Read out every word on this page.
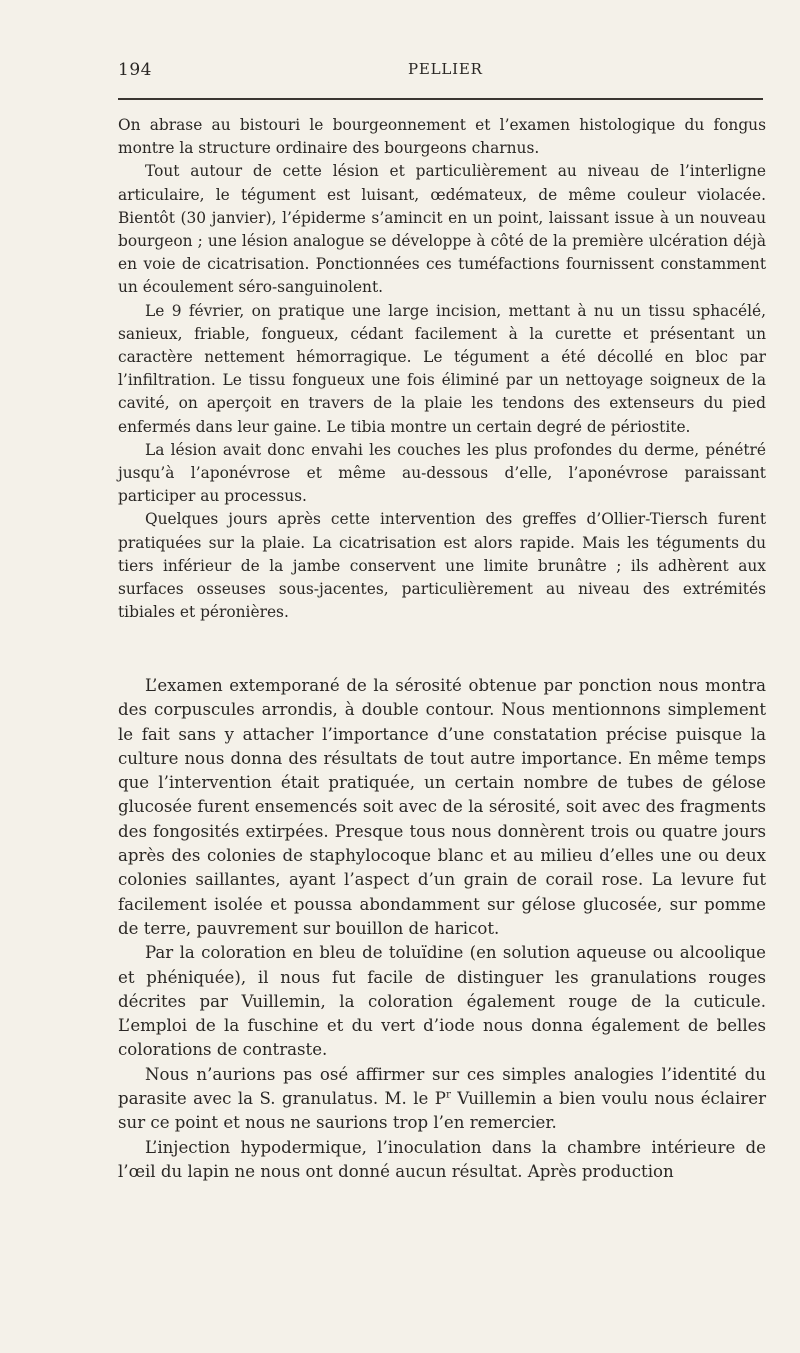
194	PELLIER

On abrase au bistouri le bourgeonnement et l’examen histologique du fongus montre la structure ordinaire des bourgeons charnus.

Tout autour de cette lésion et particulièrement au niveau de l’interligne articulaire, le tégument est luisant, œdémateux, de même couleur violacée. Bientôt (30 janvier), l’épiderme s’amincit en un point, laissant issue à un nouveau bourgeon ; une lésion analogue se développe à côté de la première ulcération déjà en voie de cicatrisation. Ponctionnées ces tuméfactions fournissent constamment un écoulement séro-sanguinolent.

Le 9 février, on pratique une large incision, mettant à nu un tissu sphacélé, sanieux, friable, fongueux, cédant facilement à la curette et présentant un caractère nettement hémorragique. Le tégument a été décollé en bloc par l’infiltration. Le tissu fongueux une fois éliminé par un nettoyage soigneux de la cavité, on aperçoit en travers de la plaie les tendons des extenseurs du pied enfermés dans leur gaine. Le tibia montre un certain degré de périostite.

La lésion avait donc envahi les couches les plus profondes du derme, pénétré jusqu’à l’aponévrose et même au-dessous d’elle, l’aponévrose paraissant participer au processus.

Quelques jours après cette intervention des greffes d’Ollier-Tiersch furent pratiquées sur la plaie. La cicatrisation est alors rapide. Mais les téguments du tiers inférieur de la jambe conservent une limite brunâtre ; ils adhèrent aux surfaces osseuses sous-jacentes, particulièrement au niveau des extrémités tibiales et péronières.

L’examen extemporané de la sérosité obtenue par ponction nous montra des corpuscules arrondis, à double contour. Nous mentionnons simplement le fait sans y attacher l’importance d’une constatation précise puisque la culture nous donna des résultats de tout autre importance. En même temps que l’intervention était pratiquée, un certain nombre de tubes de gélose glucosée furent ensemencés soit avec de la sérosité, soit avec des fragments des fongosités extirpées. Presque tous nous donnèrent trois ou quatre jours après des colonies de staphylocoque blanc et au milieu d’elles une ou deux colonies saillantes, ayant l’aspect d’un grain de corail rose. La levure fut facilement isolée et poussa abondamment sur gélose glucosée, sur pomme de terre, pauvrement sur bouillon de haricot.

Par la coloration en bleu de toluïdine (en solution aqueuse ou alcoolique et phéniquée), il nous fut facile de distinguer les granulations rouges décrites par Vuillemin, la coloration également rouge de la cuticule. L’emploi de la fuschine et du vert d’iode nous donna également de belles colorations de contraste.

Nous n’aurions pas osé affirmer sur ces simples analogies l’identité du parasite avec la S. granulatus. M. le $P^r$ Vuillemin a bien voulu nous éclairer sur ce point et nous ne saurions trop l’en remercier.

L’injection hypodermique, l’inoculation dans la chambre intérieure de l’œil du lapin ne nous ont donné aucun résultat. Après production
